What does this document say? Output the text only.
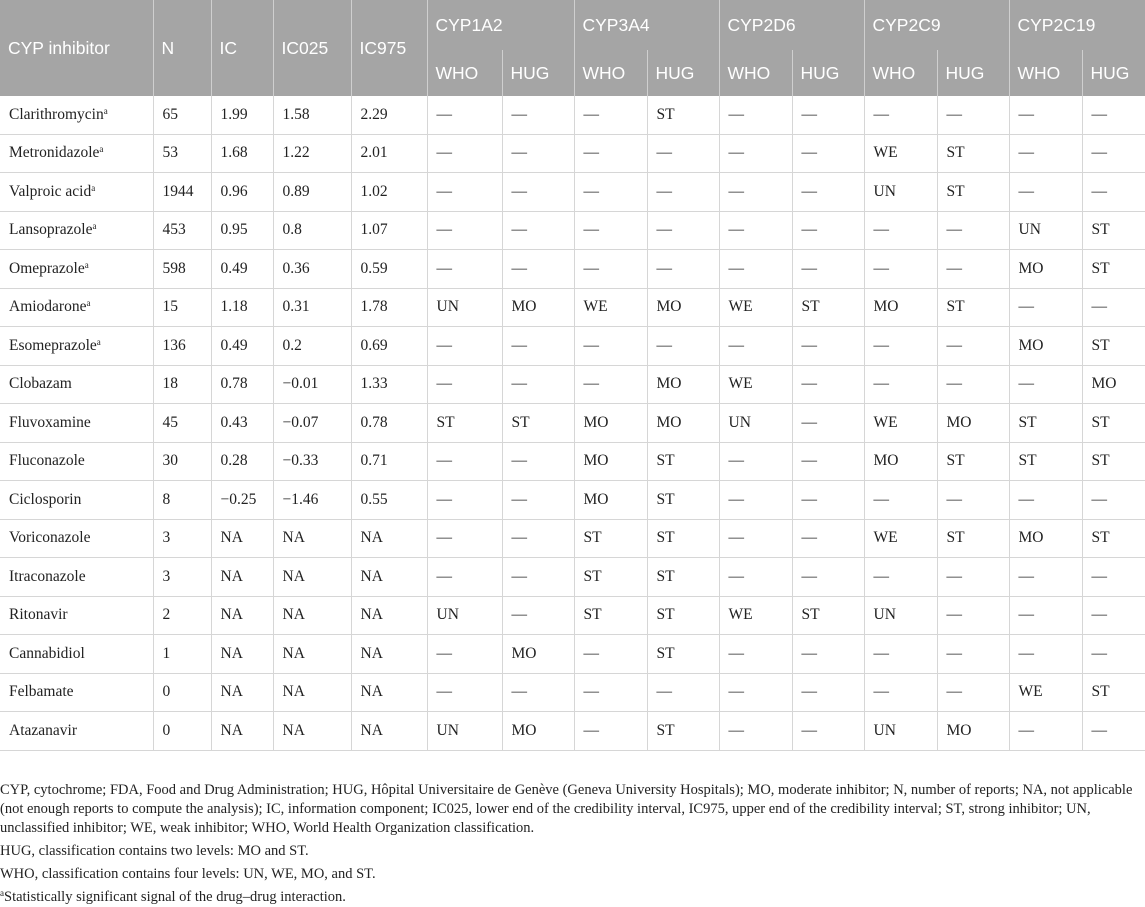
CYP inhibitor	N	IC	IC025	IC975	CYP1A2		CYP3A4		CYP2D6		CYP2C9		CYP2C19	
					WHO	HUG	WHO	HUG	WHO	HUG	WHO	HUG	WHO	HUG
Clarithromycin$^a$	65	1.99	1.58	2.29	—	—	—	ST	—	—	—	—	—	—
Metronidazole$^a$	53	1.68	1.22	2.01	—	—	—	—	—	—	WE	ST	—	—
Valproic acid$^a$	1944	0.96	0.89	1.02	—	—	—	—	—	—	UN	ST	—	—
Lansoprazole$^a$	453	0.95	0.8	1.07	—	—	—	—	—	—	—	—	UN	ST
Omeprazole$^a$	598	0.49	0.36	0.59	—	—	—	—	—	—	—	—	MO	ST
Amiodarone$^a$	15	1.18	0.31	1.78	UN	MO	WE	MO	WE	ST	MO	ST	—	—
Esomeprazole$^a$	136	0.49	0.2	0.69	—	—	—	—	—	—	—	—	MO	ST
Clobazam	18	0.78	−0.01	1.33	—	—	—	MO	WE	—	—	—	—	MO
Fluvoxamine	45	0.43	−0.07	0.78	ST	ST	MO	MO	UN	—	WE	MO	ST	ST
Fluconazole	30	0.28	−0.33	0.71	—	—	MO	ST	—	—	MO	ST	ST	ST
Ciclosporin	8	−0.25	−1.46	0.55	—	—	MO	ST	—	—	—	—	—	—
Voriconazole	3	NA	NA	NA	—	—	ST	ST	—	—	WE	ST	MO	ST
Itraconazole	3	NA	NA	NA	—	—	ST	ST	—	—	—	—	—	—
Ritonavir	2	NA	NA	NA	UN	—	ST	ST	WE	ST	UN	—	—	—
Cannabidiol	1	NA	NA	NA	—	MO	—	ST	—	—	—	—	—	—
Felbamate	0	NA	NA	NA	—	—	—	—	—	—	—	—	WE	ST
Atazanavir	0	NA	NA	NA	UN	MO	—	ST	—	—	UN	MO	—	—

CYP, cytochrome; FDA, Food and Drug Administration; HUG, Hôpital Universitaire de Genève (Geneva University Hospitals); MO, moderate inhibitor; N, number of reports; NA, not applicable (not enough reports to compute the analysis); IC, information component; IC025, lower end of the credibility interval, IC975, upper end of the credibility interval; ST, strong inhibitor; UN, unclassified inhibitor; WE, weak inhibitor; WHO, World Health Organization classification.

HUG, classification contains two levels: MO and ST.

WHO, classification contains four levels: UN, WE, MO, and ST.

$^a$Statistically significant signal of the drug–drug interaction.
